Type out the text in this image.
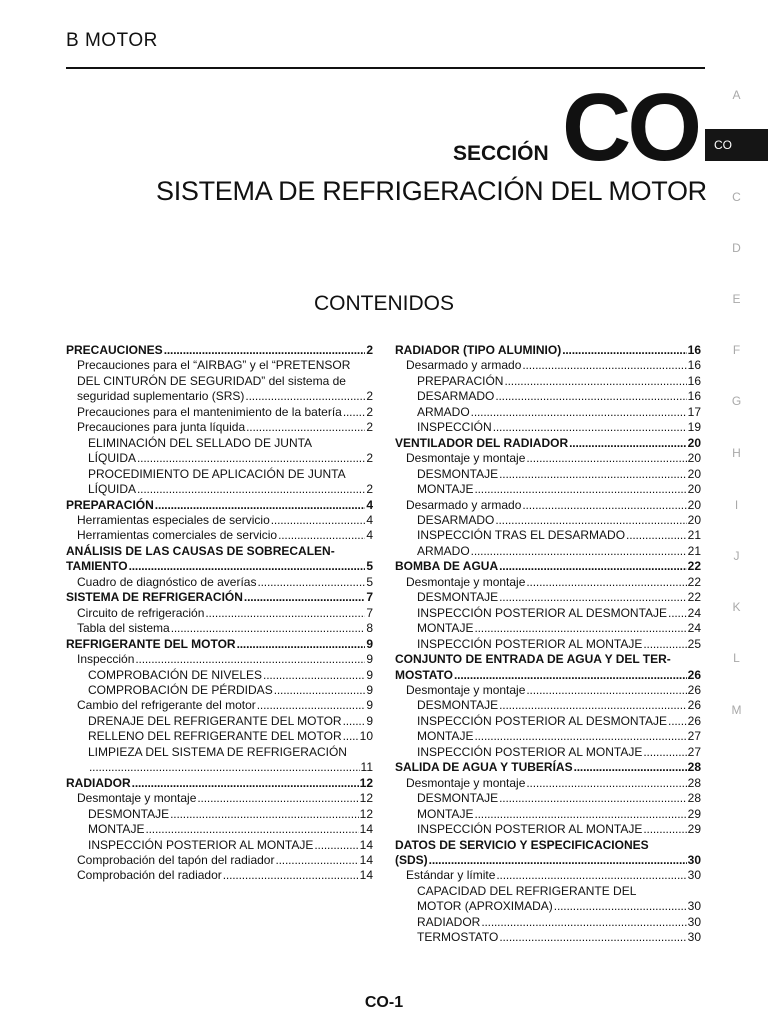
B MOTOR
SECCIÓN CO
SISTEMA DE REFRIGERACIÓN DEL MOTOR
CONTENIDOS
A
CO
C
D
E
F
G
H
I
J
K
L
M
PRECAUCIONES . . .	2
Precauciones para el “AIRBAG” y el “PRETENSOR
DEL CINTURÓN DE SEGURIDAD” del sistema de
seguridad suplementario (SRS) . . .	2
Precauciones para el mantenimiento de la batería . . . 2
Precauciones para junta líquida . . .	2
ELIMINACIÓN DEL SELLADO DE JUNTA
LÍQUIDA . . .	2
PROCEDIMIENTO DE APLICACIÓN DE JUNTA
LÍQUIDA . . .	2
PREPARACIÓN . . .	4
Herramientas especiales de servicio . . .	4
Herramientas comerciales de servicio . . .	4
ANÁLISIS DE LAS CAUSAS DE SOBRECALEN-
TAMIENTO . . .	5
Cuadro de diagnóstico de averías . . .	5
SISTEMA DE REFRIGERACIÓN . . .	7
Circuito de refrigeración . . .	7
Tabla del sistema . . .	8
REFRIGERANTE DEL MOTOR . . .	9
Inspección . . .	9
COMPROBACIÓN DE NIVELES . . .	9
COMPROBACIÓN DE PÉRDIDAS . . .	9
Cambio del refrigerante del motor . . .	9
DRENAJE DEL REFRIGERANTE DEL MOTOR . . . 9
RELLENO DEL REFRIGERANTE DEL MOTOR . . . 10
LIMPIEZA DEL SISTEMA DE REFRIGERACIÓN
. . .
11
RADIADOR . . .	12
Desmontaje y montaje . . .	12
DESMONTAJE . . .	12
MONTAJE . . .	14
INSPECCIÓN POSTERIOR AL MONTAJE . . .	14
Comprobación del tapón del radiador . . .	14
Comprobación del radiador . . .	14
RADIADOR (TIPO ALUMINIO) . . .	16
Desarmado y armado . . .	16
PREPARACIÓN . . .	16
DESARMADO . . .	16
ARMADO . . .	17
INSPECCIÓN . . .	19
VENTILADOR DEL RADIADOR . . .	20
Desmontaje y montaje . . .	20
DESMONTAJE . . .	20
MONTAJE . . .	20
Desarmado y armado . . .	20
DESARMADO . . .	20
INSPECCIÓN TRAS EL DESARMADO . . .	21
ARMADO . . .	21
BOMBA DE AGUA . . .	22
Desmontaje y montaje . . .	22
DESMONTAJE . . .	22
INSPECCIÓN POSTERIOR AL DESMONTAJE . . . 24
MONTAJE . . .	24
INSPECCIÓN POSTERIOR AL MONTAJE . . .	25
CONJUNTO DE ENTRADA DE AGUA Y DEL TER-
MOSTATO . . .	26
Desmontaje y montaje . . .	26
DESMONTAJE . . .	26
INSPECCIÓN POSTERIOR AL DESMONTAJE . . . 26
MONTAJE . . .	27
INSPECCIÓN POSTERIOR AL MONTAJE . . .	27
SALIDA DE AGUA Y TUBERÍAS . . .	28
Desmontaje y montaje . . .	28
DESMONTAJE . . .	28
MONTAJE . . .	29
INSPECCIÓN POSTERIOR AL MONTAJE . . .	29
DATOS DE SERVICIO Y ESPECIFICACIONES
(SDS) . . .	30
Estándar y límite . . .	30
CAPACIDAD DEL REFRIGERANTE DEL
MOTOR (APROXIMADA) . . .	30
RADIADOR . . .	30
TERMOSTATO . . .	30
CO-1
